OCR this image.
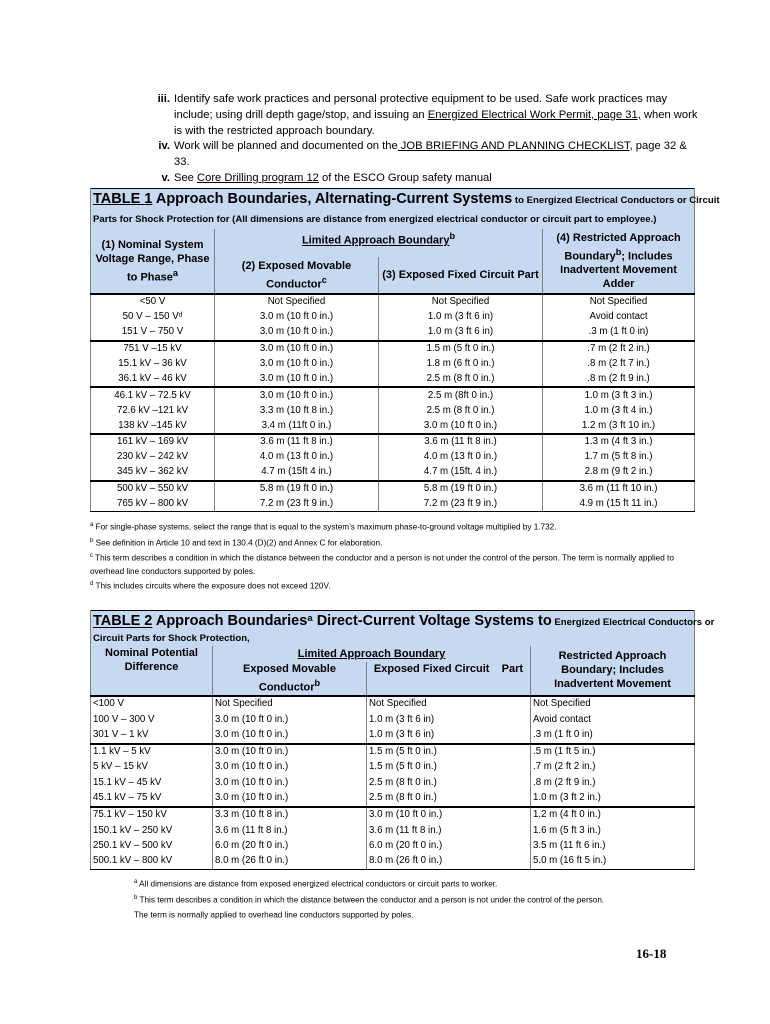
iii. Identify safe work practices and personal protective equipment to be used. Safe work practices may include; using drill depth gage/stop, and issuing an Energized Electrical Work Permit, page 31, when work is with the restricted approach boundary.
iv. Work will be planned and documented on the JOB BRIEFING AND PLANNING CHECKLIST, page 32 & 33.
v. See Core Drilling program 12 of the ESCO Group safety manual
TABLE 1 Approach Boundaries, Alternating-Current Systems to Energized Electrical Conductors or Circuit			
Parts for Shock Protection for (All dimensions are distance from energized electrical conductor or circuit part to employee.)			
(1) Nominal System Voltage Range, Phase to Phase$^a$	Limited Approach Boundary$^b$		(4) Restricted Approach Boundary$^b$; Includes Inadvertent Movement Adder
	(2) Exposed Movable Conductor$^c$	(3) Exposed Fixed Circuit Part	
<50 V	Not Specified	Not Specified	Not Specified
50 V – 150 Vᵈ	3.0 m (10 ft 0 in.)	1.0 m (3 ft 6 in)	Avoid contact
151 V – 750 V	3.0 m (10 ft 0 in.)	1.0 m (3 ft 6 in)	.3 m (1 ft 0 in)
751 V –15 kV	3.0 m (10 ft 0 in.)	1.5 m (5 ft 0 in.)	.7 m (2 ft 2 in.)
15.1 kV – 36 kV	3.0 m (10 ft 0 in.)	1.8 m (6 ft 0 in.)	.8 m (2 ft 7 in.)
36.1 kV – 46 kV	3.0 m (10 ft 0 in.)	2.5 m (8 ft 0 in.)	.8 m (2 ft 9 in.)
46.1 kV – 72.5 kV	3.0 m (10 ft 0 in.)	2.5 m (8ft 0 in.)	1.0 m (3 ft 3 in.)
72.6 kV –121 kV	3.3 m (10 ft 8 in.)	2.5 m (8 ft 0 in.)	1.0 m (3 ft 4 in.)
138 kV –145 kV	3.4 m (11ft 0 in.)	3.0 m (10 ft 0 in.)	1.2 m (3 ft 10 in.)
161 kV – 169 kV	3.6 m (11 ft 8 in.)	3.6 m (11 ft 8 in.)	1.3 m (4 ft 3 in.)
230 kV – 242 kV	4.0 m (13 ft 0 in.)	4.0 m (13 ft 0 in.)	1.7 m (5 ft 8 in.)
345 kV – 362 kV	4.7 m (15ft 4 in.)	4.7 m (15ft. 4 in.)	2.8 m (9 ft 2 in.)
500 kV – 550 kV	5.8 m (19 ft 0 in.)	5.8 m (19 ft 0 in.)	3.6 m (11 ft 10 in.)
765 kV – 800 kV	7.2 m (23 ft 9 in.)	7.2 m (23 ft 9 in.)	4.9 m (15 ft 11 in.)
$^a$ For single-phase systems, select the range that is equal to the system’s maximum phase-to-ground voltage multiplied by 1.732.
$^b$ See definition in Article 10 and text in 130.4 (D)(2) and Annex C for elaboration.
$^c$ This term describes a condition in which the distance between the conductor and a person is not under the control of the person. The term is normally applied to overhead line conductors supported by poles.
$^d$ This includes circuits where the exposure does not exceed 120V.
TABLE 2 Approach Boundaries$^a$ Direct-Current Voltage Systems to Energized Electrical Conductors or			
Circuit Parts for Shock Protection,			
Nominal Potential Difference	Limited Approach Boundary		Restricted Approach Boundary; Includes Inadvertent Movement
	Exposed Movable Conductor$^b$	Exposed Fixed Circuit    Part	
<100 V	Not Specified	Not Specified	Not Specified
100 V – 300 V	3.0 m (10 ft 0 in.)	1.0 m (3 ft 6 in)	Avoid contact
301 V – 1 kV	3.0 m (10 ft 0 in.)	1.0 m (3 ft 6 in)	.3 m (1 ft 0 in)
1.1 kV – 5 kV	3.0 m (10 ft 0 in.)	1.5 m (5 ft 0 in.)	.5 m (1 ft 5 in.)
5 kV – 15 kV	3.0 m (10 ft 0 in.)	1.5 m (5 ft 0 in.)	.7 m (2 ft 2 in.)
15.1 kV – 45 kV	3.0 m (10 ft 0 in.)	2.5 m (8 ft 0 in.)	.8 m (2 ft 9 in.)
45.1 kV – 75 kV	3.0 m (10 ft 0 in.)	2.5 m (8 ft 0 in.)	1.0 m (3 ft 2 in.)
75.1 kV – 150 kV	3.3 m (10 ft 8 in.)	3.0 m (10 ft 0 in.)	1.2 m (4 ft 0 in.)
150.1 kV – 250 kV	3.6 m (11 ft 8 in.)	3.6 m (11 ft 8 in.)	1.6 m (5 ft 3 in.)
250.1 kV – 500 kV	6.0 m (20 ft 0 in.)	6.0 m (20 ft 0 in.)	3.5 m (11 ft 6 in.)
500.1 kV – 800 kV	8.0 m (26 ft 0 in.)	8.0 m (26 ft 0 in.)	5.0 m (16 ft 5 in.)
$^a$ All dimensions are distance from exposed energized electrical conductors or circuit parts to worker.
$^b$ This term describes a condition in which the distance between the conductor and a person is not under the control of the person.
The term is normally applied to overhead line conductors supported by poles.
16-18
